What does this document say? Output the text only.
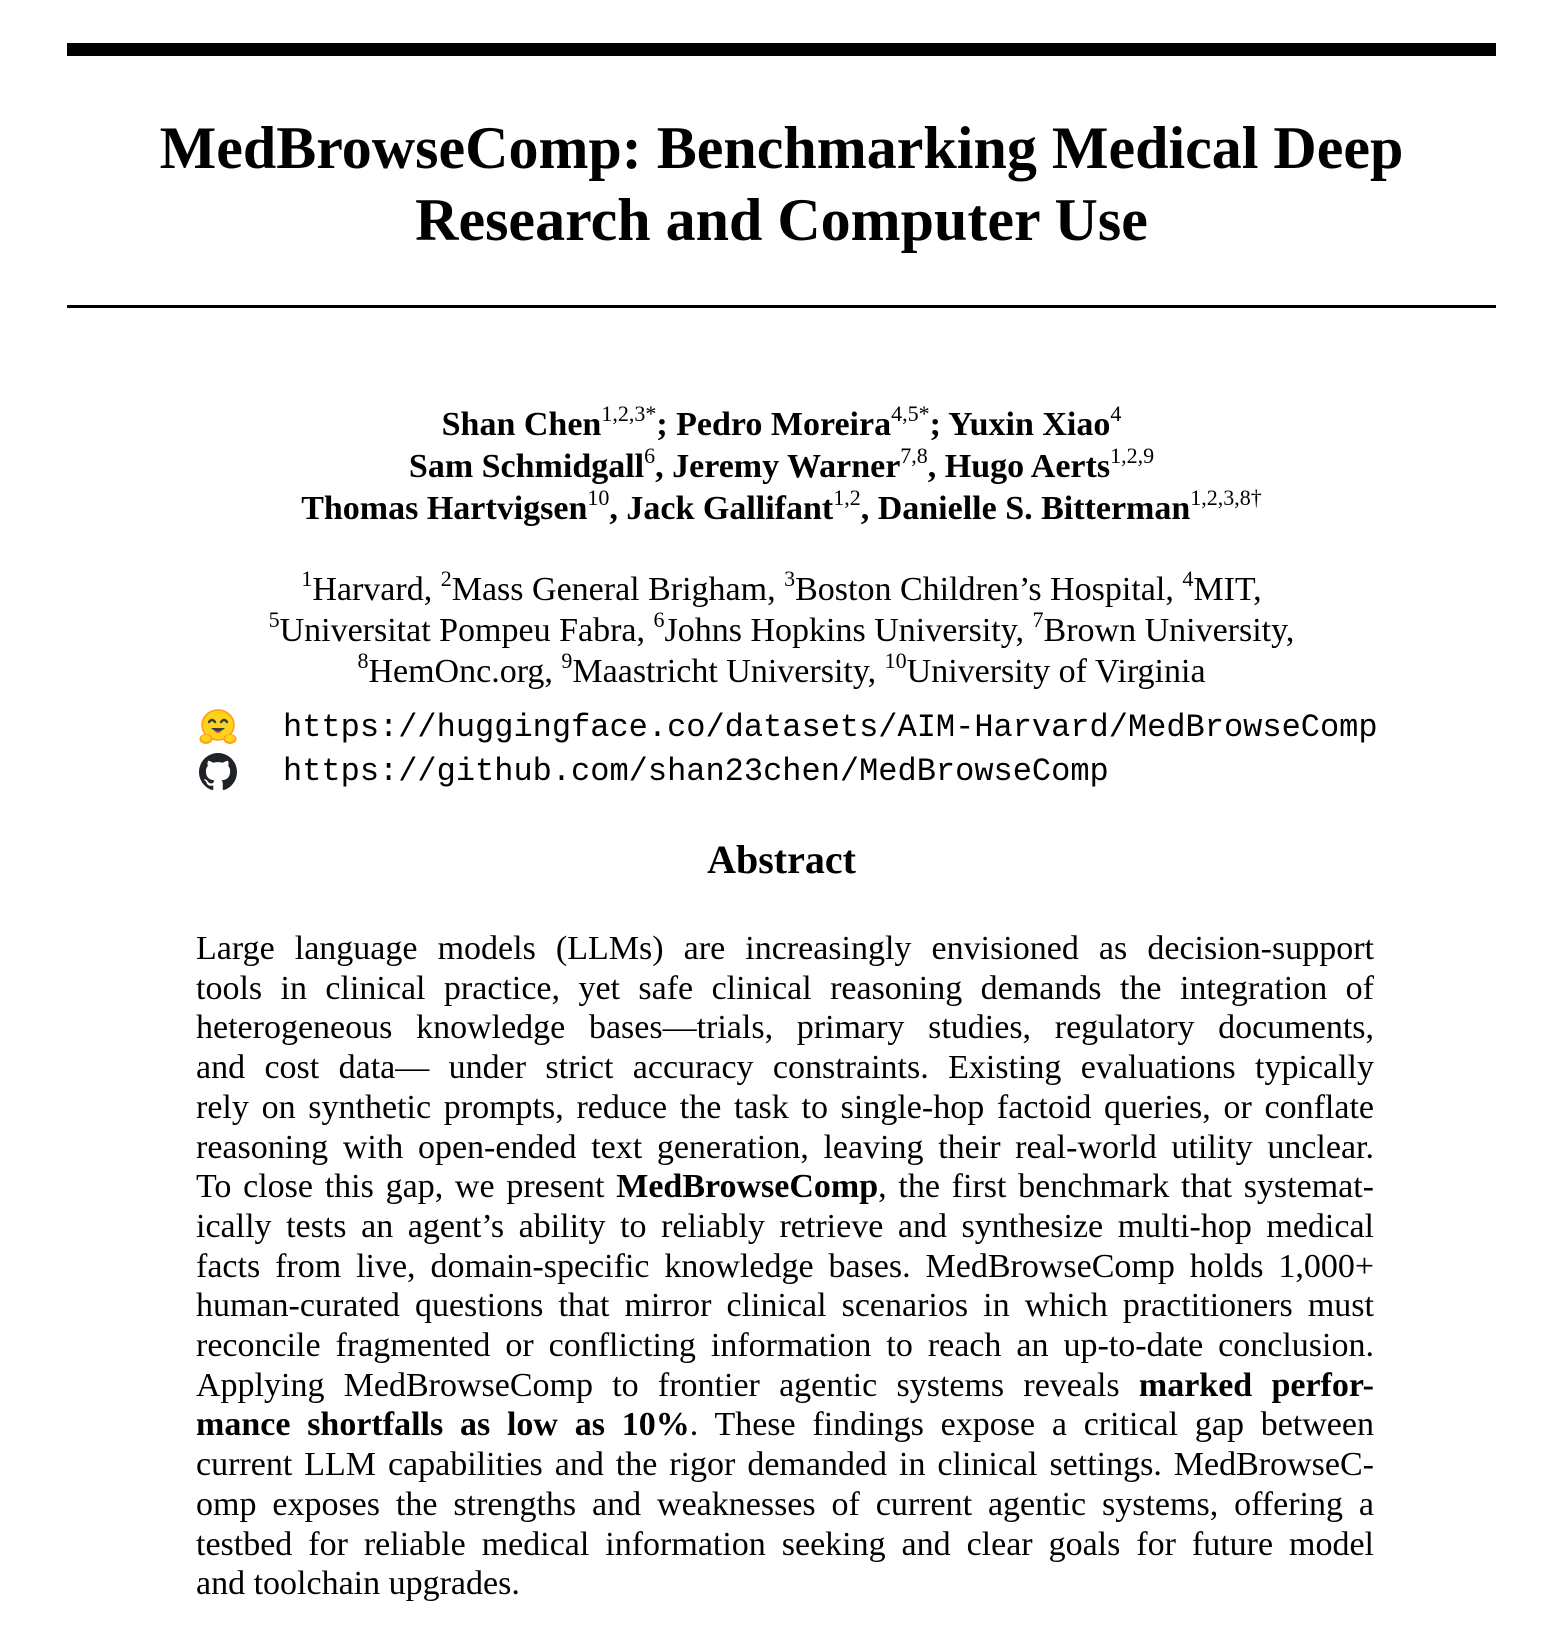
MedBrowseComp: Benchmarking Medical Deep
Research and Computer Use
Shan Chen$^{1,2,3*}$; Pedro Moreira$^{4,5*}$; Yuxin Xiao$^4$
Sam Schmidgall$^6$, Jeremy Warner$^{7,8}$, Hugo Aerts$^{1,2,9}$
Thomas Hartvigsen$^{10}$, Jack Gallifant$^{1,2}$, Danielle S. Bitterman$^{1,2,3,8\dagger}$
$^1$Harvard, $^2$Mass General Brigham, $^3$Boston Children’s Hospital, $^4$MIT,
$^5$Universitat Pompeu Fabra, $^6$Johns Hopkins University, $^7$Brown University,
$^8$HemOnc.org, $^9$Maastricht University, $^{10}$University of Virginia
https://huggingface.co/datasets/AIM-Harvard/MedBrowseComp
https://github.com/shan23chen/MedBrowseComp
Abstract
Large language models (LLMs) are increasingly envisioned as decision-support
tools in clinical practice, yet safe clinical reasoning demands the integration of
heterogeneous knowledge bases—trials, primary studies, regulatory documents,
and cost data— under strict accuracy constraints. Existing evaluations typically
rely on synthetic prompts, reduce the task to single-hop factoid queries, or conflate
reasoning with open-ended text generation, leaving their real-world utility unclear.
To close this gap, we present MedBrowseComp, the first benchmark that systemat-
ically tests an agent’s ability to reliably retrieve and synthesize multi-hop medical
facts from live, domain-specific knowledge bases. MedBrowseComp holds 1,000+
human-curated questions that mirror clinical scenarios in which practitioners must
reconcile fragmented or conflicting information to reach an up-to-date conclusion.
Applying MedBrowseComp to frontier agentic systems reveals marked perfor-
mance shortfalls as low as 10%. These findings expose a critical gap between
current LLM capabilities and the rigor demanded in clinical settings. MedBrowseC-
omp exposes the strengths and weaknesses of current agentic systems, offering a
testbed for reliable medical information seeking and clear goals for future model
and toolchain upgrades.
